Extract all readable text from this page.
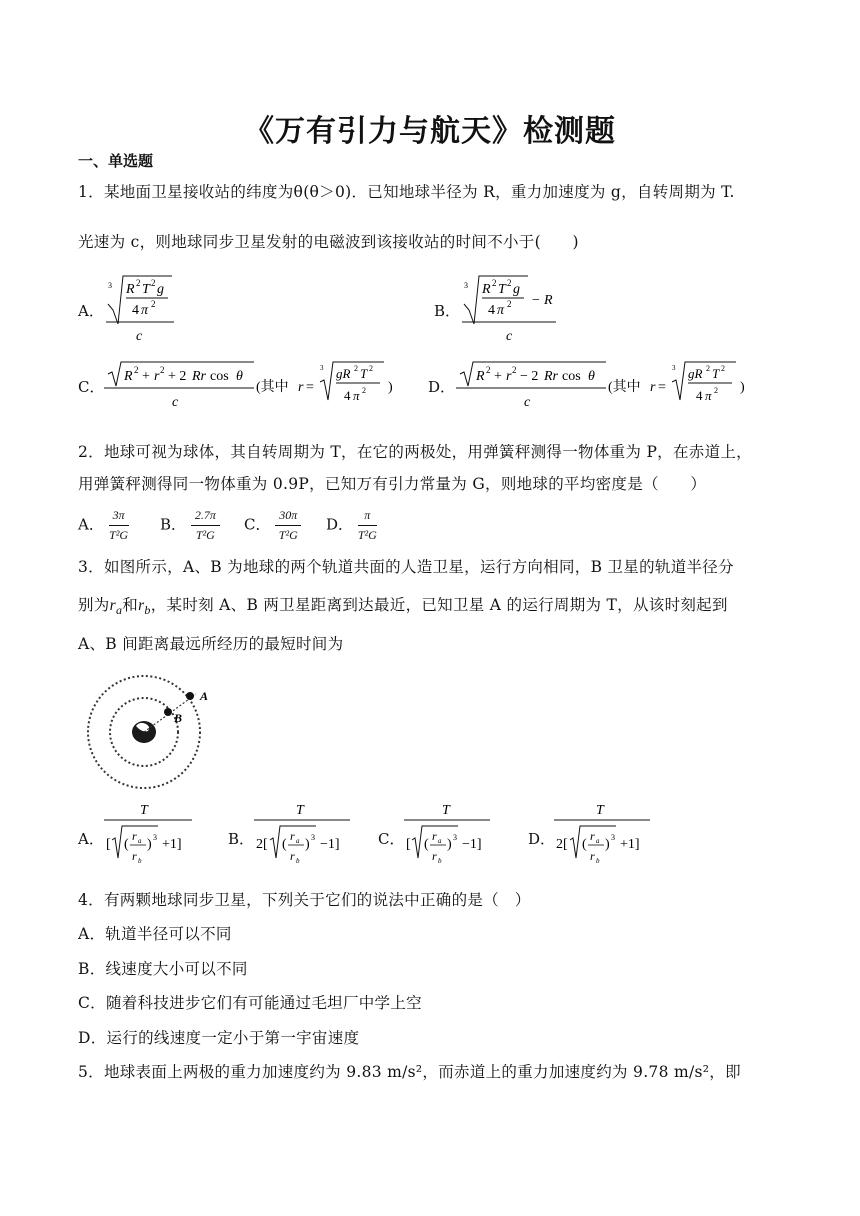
《万有引力与航天》检测题
一、单选题
1．某地面卫星接收站的纬度为θ(θ＞0)．已知地球半径为 R，重力加速度为 g，自转周期为 T.
光速为 c，则地球同步卫星发射的电磁波到该接收站的时间不小于(　　)
A．
3 R 2 T 2 g
4 π 2
c
B．
3 R 2 T 2 g
4 π 2 − R
c
C．
R 2 + r 2 + 2 Rr cos θ
c
(其中 r =
3 gR 2 T 2
4 π 2 ) D．
R 2 + r 2 − 2 Rr cos θ
c
(其中 r =
3 gR 2 T 2
4 π 2 )
2．地球可视为球体，其自转周期为 T，在它的两极处，用弹簧秤测得一物体重为 P，在赤道上，
用弹簧秤测得同一物体重为 0.9P，已知万有引力常量为 G，则地球的平均密度是（　　）
A． $\frac{3\pi}{\text{T²G}}$ B． $\frac{2.7\pi}{\text{T²G}}$ C． $\frac{30\pi}{\text{T²G}}$ D． $\frac{\pi}{\text{T²G}}$
3．如图所示，A、B 为地球的两个轨道共面的人造卫星，运行方向相同，B 卫星的轨道半径分
别为$r_a$和$r_b$，某时刻 A、B 两卫星距离到达最近，已知卫星 A 的运行周期为 T，从该时刻起到
A、B 间距离最远所经历的最短时间为
A
B
A．
T
[ (
r a
r b
) 3 +1]	B．
T
2[ (
r a
r b
) 3 −1]	C．
T
[ (
r a
r b
) 3 −1]	D．
T
2[ (
r a
r b
) 3 +1]
4．有两颗地球同步卫星，下列关于它们的说法中正确的是（　）
A．轨道半径可以不同
B．线速度大小可以不同
C．随着科技进步它们有可能通过毛坦厂中学上空
D．运行的线速度一定小于第一宇宙速度
5．地球表面上两极的重力加速度约为 9.83 m/s²，而赤道上的重力加速度约为 9.78 m/s²，即
